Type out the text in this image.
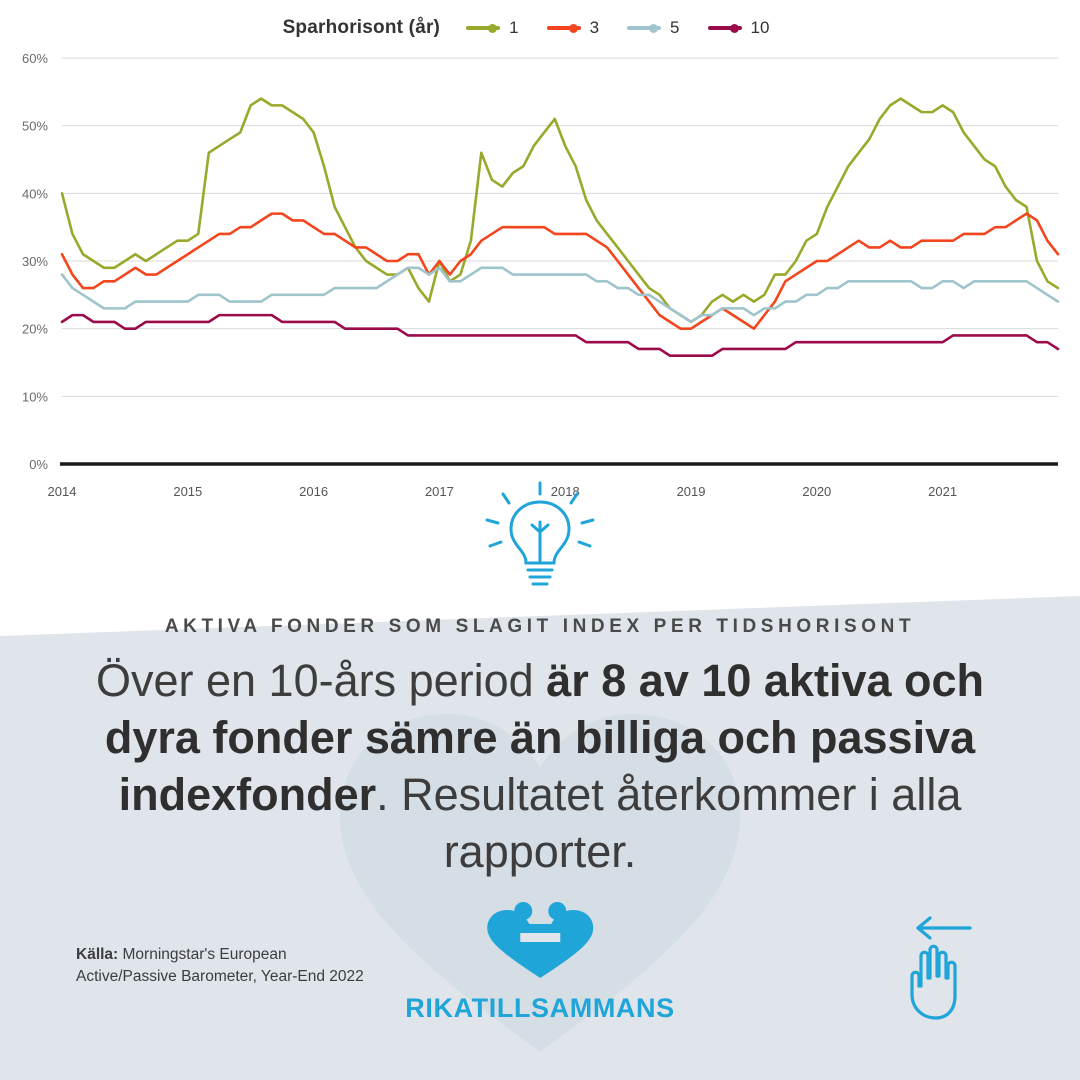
Sparhorisont (år)	1	3	5	10
0%
10%
20%
30%
40%
50%
60%
2014	2015	2016	2017	2018	2019	2020	2021
AKTIVA FONDER SOM SLAGIT INDEX PER TIDSHORISONT
Över en 10-års period är 8 av 10 aktiva och dyra fonder sämre än billiga och passiva indexfonder. Resultatet återkommer i alla rapporter.
Källa: Morningstar's European Active/Passive Barometer, Year-End 2022
RIKATILLSAMMANS
